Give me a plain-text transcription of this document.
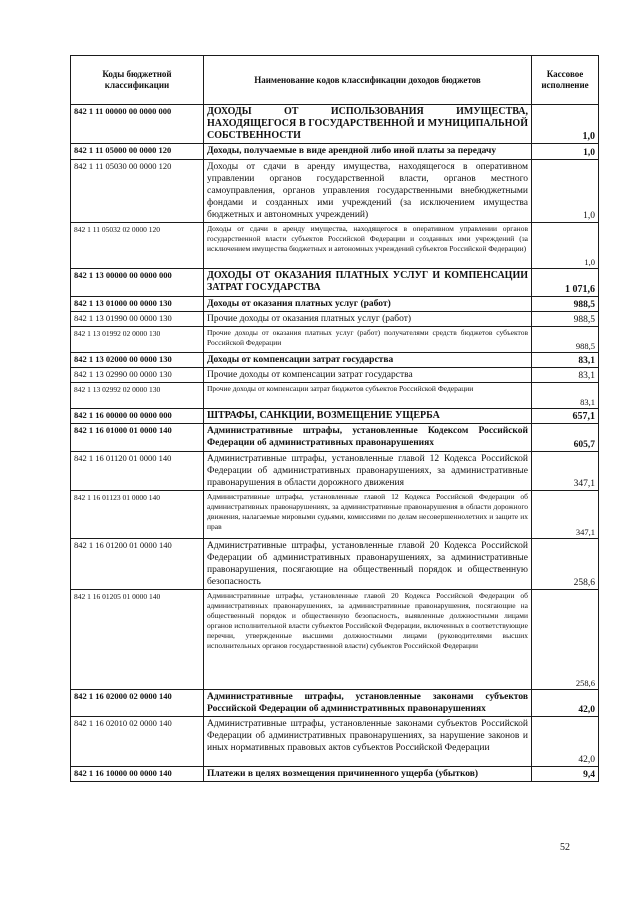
Коды бюджетной классификации	Наименование кодов классификации доходов бюджетов	Кассовое исполнение
842 1 11 00000 00 0000 000	ДОХОДЫ ОТ ИСПОЛЬЗОВАНИЯ ИМУЩЕСТВА, НАХОДЯЩЕГОСЯ В ГОСУДАРСТВЕННОЙ И МУНИЦИПАЛЬНОЙ СОБСТВЕННОСТИ	1,0
842 1 11 05000 00 0000 120	Доходы, получаемые в виде арендной либо иной платы за передачу	1,0
842 1 11 05030 00 0000 120	Доходы от сдачи в аренду имущества, находящегося в оперативном управлении органов государственной власти, органов местного самоуправления, органов управления государственными внебюджетными фондами и созданных ими учреждений (за исключением имущества бюджетных и автономных учреждений)	1,0
842 1 11 05032 02 0000 120	Доходы от сдачи в аренду имущества, находящегося в оперативном управлении органов государственной власти субъектов Российской Федерации и созданных ими учреждений (за исключением имущества бюджетных и автономных учреждений субъектов Российской Федерации)	1,0
842 1 13 00000 00 0000 000	ДОХОДЫ ОТ ОКАЗАНИЯ ПЛАТНЫХ УСЛУГ И КОМПЕНСАЦИИ ЗАТРАТ ГОСУДАРСТВА	1 071,6
842 1 13 01000 00 0000 130	Доходы от оказания платных услуг (работ)	988,5
842 1 13 01990 00 0000 130	Прочие доходы от оказания платных услуг (работ)	988,5
842 1 13 01992 02 0000 130	Прочие доходы от оказания платных услуг (работ) получателями средств бюджетов субъектов Российской Федерации	988,5
842 1 13 02000 00 0000 130	Доходы от компенсации затрат государства	83,1
842 1 13 02990 00 0000 130	Прочие доходы от компенсации затрат государства	83,1
842 1 13 02992 02 0000 130	Прочие доходы от компенсации затрат бюджетов субъектов Российской Федерации	83,1
842 1 16 00000 00 0000 000	ШТРАФЫ, САНКЦИИ, ВОЗМЕЩЕНИЕ УЩЕРБА	657,1
842 1 16 01000 01 0000 140	Административные штрафы, установленные Кодексом Российской Федерации об административных правонарушениях	605,7
842 1 16 01120 01 0000 140	Административные штрафы, установленные главой 12 Кодекса Российской Федерации об административных правонарушениях, за административные правонарушения в области дорожного движения	347,1
842 1 16 01123 01 0000 140	Административные штрафы, установленные главой 12 Кодекса Российской Федерации об административных правонарушениях, за административные правонарушения в области дорожного движения, налагаемые мировыми судьями, комиссиями по делам несовершеннолетних и защите их прав	347,1
842 1 16 01200 01 0000 140	Административные штрафы, установленные главой 20 Кодекса Российской Федерации об административных правонарушениях, за административные правонарушения, посягающие на общественный порядок и общественную безопасность	258,6
842 1 16 01205 01 0000 140	Административные штрафы, установленные главой 20 Кодекса Российской Федерации об административных правонарушениях, за административные правонарушения, посягающие на общественный порядок и общественную безопасность, выявленные должностными лицами органов исполнительной власти субъектов Российской Федерации, включенных в соответствующие перечни, утвержденные высшими должностными лицами (руководителями высших исполнительных органов государственной власти) субъектов Российской Федерации	258,6
842 1 16 02000 02 0000 140	Административные штрафы, установленные законами субъектов Российской Федерации об административных правонарушениях	42,0
842 1 16 02010 02 0000 140	Административные штрафы, установленные законами субъектов Российской Федерации об административных правонарушениях, за нарушение законов и иных нормативных правовых актов субъектов Российской Федерации	42,0
842 1 16 10000 00 0000 140	Платежи в целях возмещения причиненного ущерба (убытков)	9,4
52
